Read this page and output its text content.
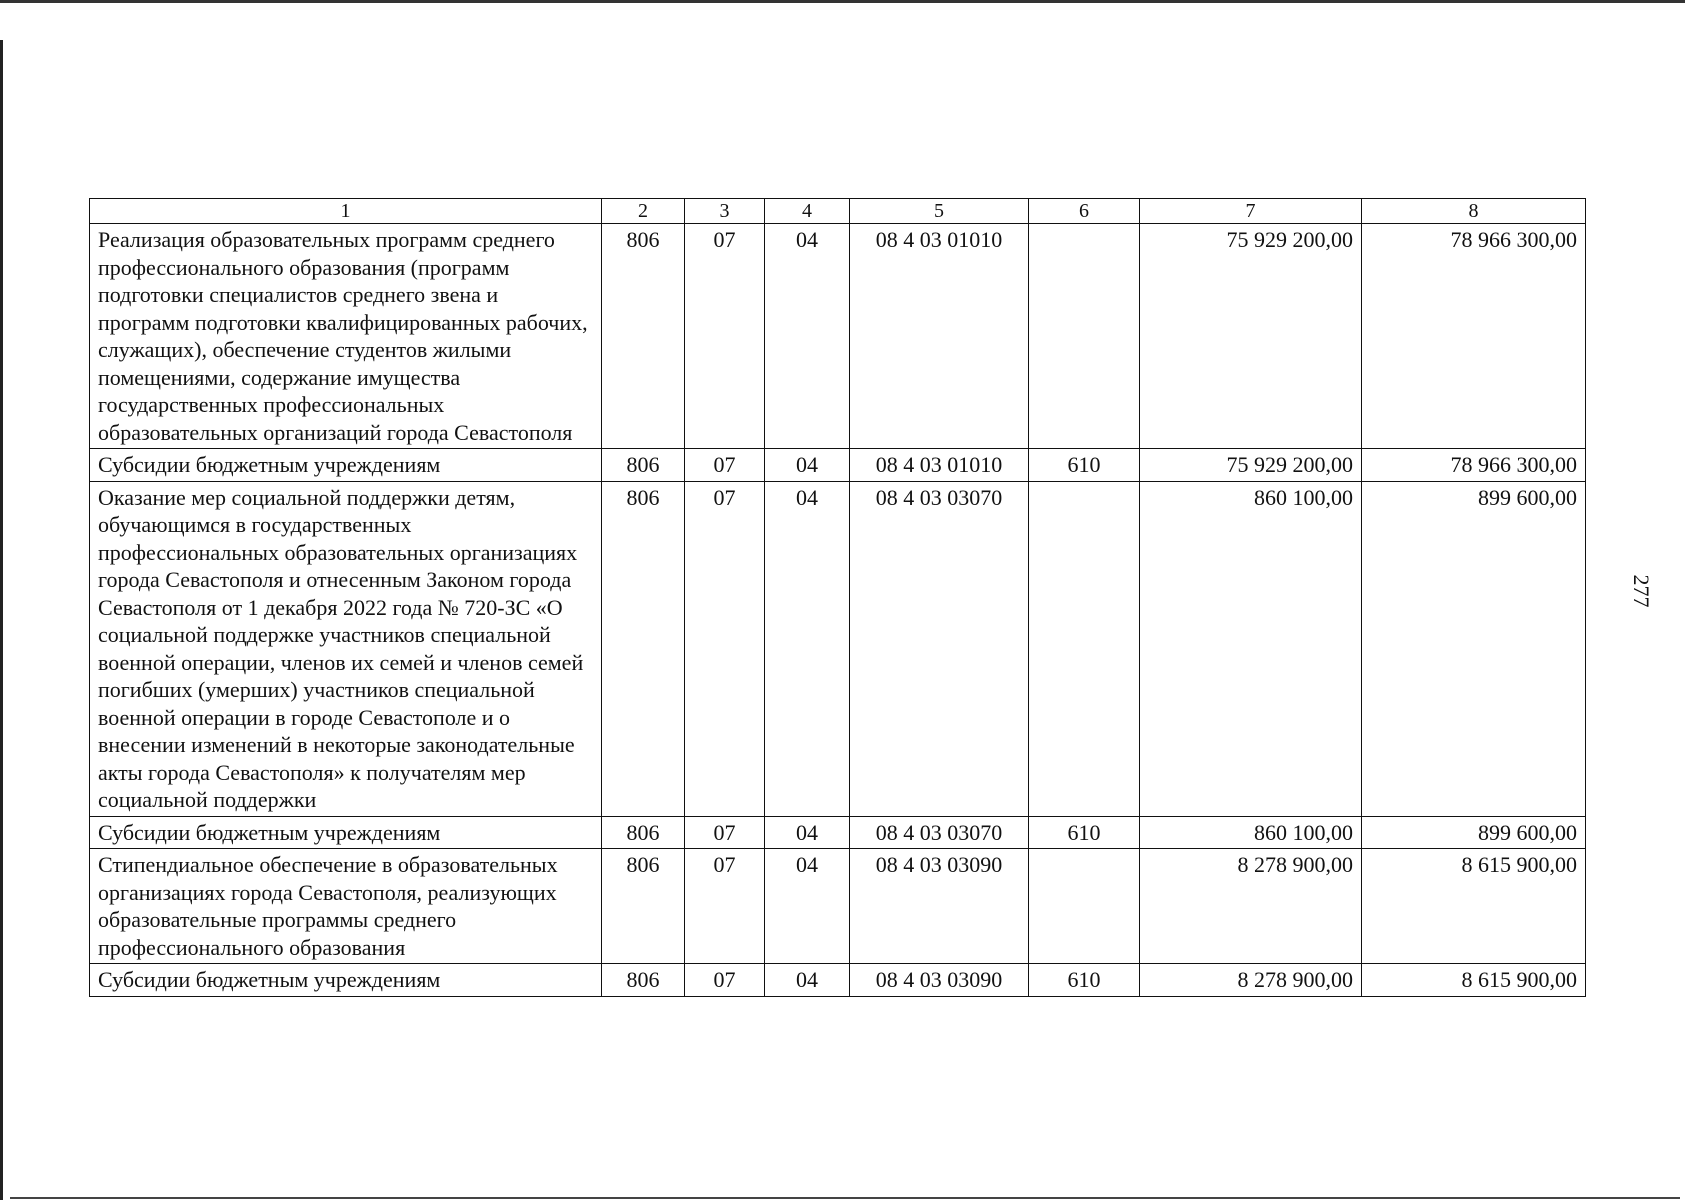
277
1	2	3	4	5	6	7	8
Реализация образовательных программ среднего профессионального образования (программ подготовки специалистов среднего звена и программ подготовки квалифицированных рабочих, служащих), обеспечение студентов жилыми помещениями, содержание имущества государственных профессиональных образовательных организаций города Севастополя	806	07	04	08 4 03 01010		75 929 200,00	78 966 300,00
Субсидии бюджетным учреждениям	806	07	04	08 4 03 01010	610	75 929 200,00	78 966 300,00
Оказание мер социальной поддержки детям, обучающимся в государственных профессиональных образовательных организациях города Севастополя и отнесенным Законом города Севастополя от 1 декабря 2022 года № 720-ЗС «О социальной поддержке участников специальной военной операции, членов их семей и членов семей погибших (умерших) участников специальной военной операции в городе Севастополе и о внесении изменений в некоторые законодательные акты города Севастополя» к получателям мер социальной поддержки	806	07	04	08 4 03 03070		860 100,00	899 600,00
Субсидии бюджетным учреждениям	806	07	04	08 4 03 03070	610	860 100,00	899 600,00
Стипендиальное обеспечение в образовательных организациях города Севастополя, реализующих образовательные программы среднего профессионального образования	806	07	04	08 4 03 03090		8 278 900,00	8 615 900,00
Субсидии бюджетным учреждениям	806	07	04	08 4 03 03090	610	8 278 900,00	8 615 900,00
